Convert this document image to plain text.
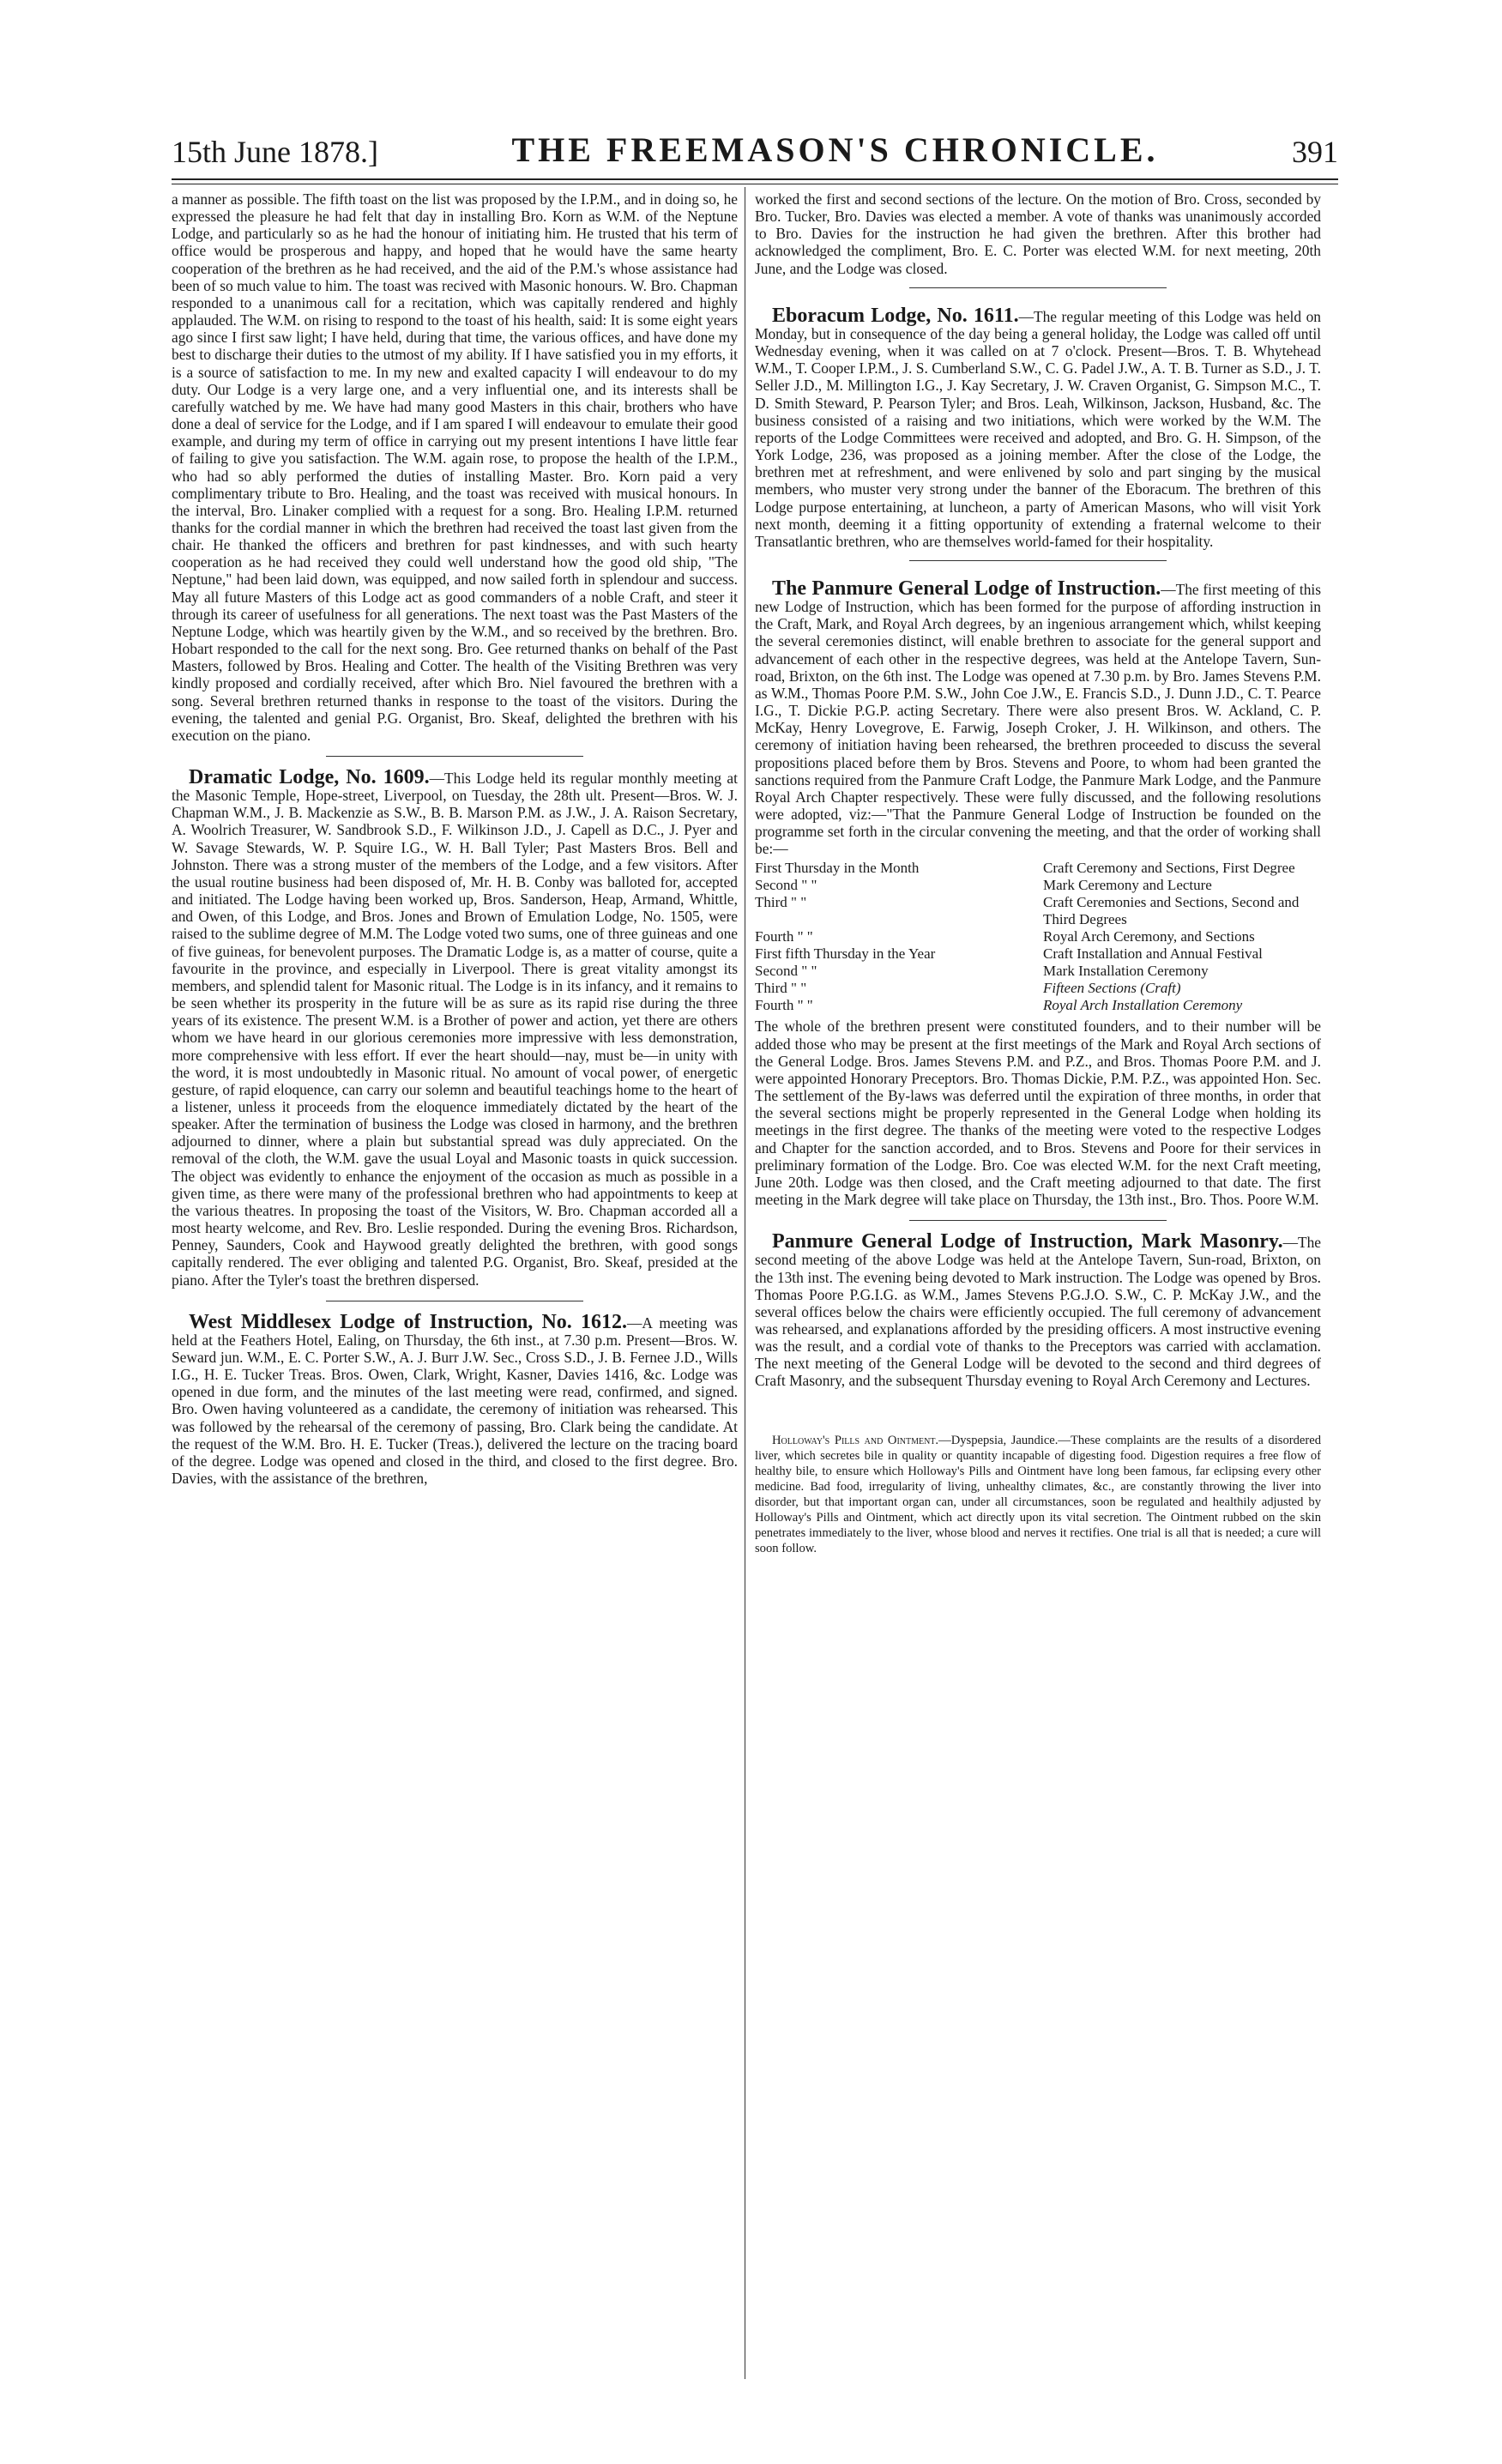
15th June 1878.]	THE FREEMASON'S CHRONICLE.	391

a manner as possible. The fifth toast on the list was proposed by the I.P.M., and in doing so, he expressed the pleasure he had felt that day in installing Bro. Korn as W.M. of the Neptune Lodge, and particularly so as he had the honour of initiating him. He trusted that his term of office would be prosperous and happy, and hoped that he would have the same hearty cooperation of the brethren as he had received, and the aid of the P.M.'s whose assistance had been of so much value to him. The toast was recived with Masonic honours. W. Bro. Chapman responded to a unanimous call for a recitation, which was capitally rendered and highly applauded. The W.M. on rising to respond to the toast of his health, said: It is some eight years ago since I first saw light; I have held, during that time, the various offices, and have done my best to discharge their duties to the utmost of my ability. If I have satisfied you in my efforts, it is a source of satisfaction to me. In my new and exalted capacity I will endeavour to do my duty. Our Lodge is a very large one, and a very influential one, and its interests shall be carefully watched by me. We have had many good Masters in this chair, brothers who have done a deal of service for the Lodge, and if I am spared I will endeavour to emulate their good example, and during my term of office in carrying out my present intentions I have little fear of failing to give you satisfaction. The W.M. again rose, to propose the health of the I.P.M., who had so ably performed the duties of installing Master. Bro. Korn paid a very complimentary tribute to Bro. Healing, and the toast was received with musical honours. In the interval, Bro. Linaker complied with a request for a song. Bro. Healing I.P.M. returned thanks for the cordial manner in which the brethren had received the toast last given from the chair. He thanked the officers and brethren for past kindnesses, and with such hearty cooperation as he had received they could well understand how the good old ship, "The Neptune," had been laid down, was equipped, and now sailed forth in splendour and success. May all future Masters of this Lodge act as good commanders of a noble Craft, and steer it through its career of usefulness for all generations. The next toast was the Past Masters of the Neptune Lodge, which was heartily given by the W.M., and so received by the brethren. Bro. Hobart responded to the call for the next song. Bro. Gee returned thanks on behalf of the Past Masters, followed by Bros. Healing and Cotter. The health of the Visiting Brethren was very kindly proposed and cordially received, after which Bro. Niel favoured the brethren with a song. Several brethren returned thanks in response to the toast of the visitors. During the evening, the talented and genial P.G. Organist, Bro. Skeaf, delighted the brethren with his execution on the piano.

Dramatic Lodge, No. 1609.—This Lodge held its regular monthly meeting at the Masonic Temple, Hope-street, Liverpool, on Tuesday, the 28th ult. Present—Bros. W. J. Chapman W.M., J. B. Mackenzie as S.W., B. B. Marson P.M. as J.W., J. A. Raison Secretary, A. Woolrich Treasurer, W. Sandbrook S.D., F. Wilkinson J.D., J. Capell as D.C., J. Pyer and W. Savage Stewards, W. P. Squire I.G., W. H. Ball Tyler; Past Masters Bros. Bell and Johnston. There was a strong muster of the members of the Lodge, and a few visitors. After the usual routine business had been disposed of, Mr. H. B. Conby was balloted for, accepted and initiated. The Lodge having been worked up, Bros. Sanderson, Heap, Armand, Whittle, and Owen, of this Lodge, and Bros. Jones and Brown of Emulation Lodge, No. 1505, were raised to the sublime degree of M.M. The Lodge voted two sums, one of three guineas and one of five guineas, for benevolent purposes. The Dramatic Lodge is, as a matter of course, quite a favourite in the province, and especially in Liverpool. There is great vitality amongst its members, and splendid talent for Masonic ritual. The Lodge is in its infancy, and it remains to be seen whether its prosperity in the future will be as sure as its rapid rise during the three years of its existence. The present W.M. is a Brother of power and action, yet there are others whom we have heard in our glorious ceremonies more impressive with less demonstration, more comprehensive with less effort. If ever the heart should—nay, must be—in unity with the word, it is most undoubtedly in Masonic ritual. No amount of vocal power, of energetic gesture, of rapid eloquence, can carry our solemn and beautiful teachings home to the heart of a listener, unless it proceeds from the eloquence immediately dictated by the heart of the speaker. After the termination of business the Lodge was closed in harmony, and the brethren adjourned to dinner, where a plain but substantial spread was duly appreciated. On the removal of the cloth, the W.M. gave the usual Loyal and Masonic toasts in quick succession. The object was evidently to enhance the enjoyment of the occasion as much as possible in a given time, as there were many of the professional brethren who had appointments to keep at the various theatres. In proposing the toast of the Visitors, W. Bro. Chapman accorded all a most hearty welcome, and Rev. Bro. Leslie responded. During the evening Bros. Richardson, Penney, Saunders, Cook and Haywood greatly delighted the brethren, with good songs capitally rendered. The ever obliging and talented P.G. Organist, Bro. Skeaf, presided at the piano. After the Tyler's toast the brethren dispersed.

West Middlesex Lodge of Instruction, No. 1612.—A meeting was held at the Feathers Hotel, Ealing, on Thursday, the 6th inst., at 7.30 p.m. Present—Bros. W. Seward jun. W.M., E. C. Porter S.W., A. J. Burr J.W. Sec., Cross S.D., J. B. Fernee J.D., Wills I.G., H. E. Tucker Treas. Bros. Owen, Clark, Wright, Kasner, Davies 1416, &c. Lodge was opened in due form, and the minutes of the last meeting were read, confirmed, and signed. Bro. Owen having volunteered as a candidate, the ceremony of initiation was rehearsed. This was followed by the rehearsal of the ceremony of passing, Bro. Clark being the candidate. At the request of the W.M. Bro. H. E. Tucker (Treas.), delivered the lecture on the tracing board of the degree. Lodge was opened and closed in the third, and closed to the first degree. Bro. Davies, with the assistance of the brethren,

worked the first and second sections of the lecture. On the motion of Bro. Cross, seconded by Bro. Tucker, Bro. Davies was elected a member. A vote of thanks was unanimously accorded to Bro. Davies for the instruction he had given the brethren. After this brother had acknowledged the compliment, Bro. E. C. Porter was elected W.M. for next meeting, 20th June, and the Lodge was closed.

Eboracum Lodge, No. 1611.—The regular meeting of this Lodge was held on Monday, but in consequence of the day being a general holiday, the Lodge was called off until Wednesday evening, when it was called on at 7 o'clock. Present—Bros. T. B. Whytehead W.M., T. Cooper I.P.M., J. S. Cumberland S.W., C. G. Padel J.W., A. T. B. Turner as S.D., J. T. Seller J.D., M. Millington I.G., J. Kay Secretary, J. W. Craven Organist, G. Simpson M.C., T. D. Smith Steward, P. Pearson Tyler; and Bros. Leah, Wilkinson, Jackson, Husband, &c. The business consisted of a raising and two initiations, which were worked by the W.M. The reports of the Lodge Committees were received and adopted, and Bro. G. H. Simpson, of the York Lodge, 236, was proposed as a joining member. After the close of the Lodge, the brethren met at refreshment, and were enlivened by solo and part singing by the musical members, who muster very strong under the banner of the Eboracum. The brethren of this Lodge purpose entertaining, at luncheon, a party of American Masons, who will visit York next month, deeming it a fitting opportunity of extending a fraternal welcome to their Transatlantic brethren, who are themselves world-famed for their hospitality.

The Panmure General Lodge of Instruction.—The first meeting of this new Lodge of Instruction, which has been formed for the purpose of affording instruction in the Craft, Mark, and Royal Arch degrees, by an ingenious arrangement which, whilst keeping the several ceremonies distinct, will enable brethren to associate for the general support and advancement of each other in the respective degrees, was held at the Antelope Tavern, Sun-road, Brixton, on the 6th inst. The Lodge was opened at 7.30 p.m. by Bro. James Stevens P.M. as W.M., Thomas Poore P.M. S.W., John Coe J.W., E. Francis S.D., J. Dunn J.D., C. T. Pearce I.G., T. Dickie P.G.P. acting Secretary. There were also present Bros. W. Ackland, C. P. McKay, Henry Lovegrove, E. Farwig, Joseph Croker, J. H. Wilkinson, and others. The ceremony of initiation having been rehearsed, the brethren proceeded to discuss the several propositions placed before them by Bros. Stevens and Poore, to whom had been granted the sanctions required from the Panmure Craft Lodge, the Panmure Mark Lodge, and the Panmure Royal Arch Chapter respectively. These were fully discussed, and the following resolutions were adopted, viz:—"That the Panmure General Lodge of Instruction be founded on the programme set forth in the circular convening the meeting, and that the order of working shall be:—

First Thursday in the Month	Craft Ceremony and Sections, First Degree
Second " "	Mark Ceremony and Lecture
Third " "	Craft Ceremonies and Sections, Second and Third Degrees
Fourth " "	Royal Arch Ceremony, and Sections
First fifth Thursday in the Year	Craft Installation and Annual Festival
Second " "	Mark Installation Ceremony
Third " "	Fifteen Sections (Craft)
Fourth " "	Royal Arch Installation Ceremony

The whole of the brethren present were constituted founders, and to their number will be added those who may be present at the first meetings of the Mark and Royal Arch sections of the General Lodge. Bros. James Stevens P.M. and P.Z., and Bros. Thomas Poore P.M. and J. were appointed Honorary Preceptors. Bro. Thomas Dickie, P.M. P.Z., was appointed Hon. Sec. The settlement of the By-laws was deferred until the expiration of three months, in order that the several sections might be properly represented in the General Lodge when holding its meetings in the first degree. The thanks of the meeting were voted to the respective Lodges and Chapter for the sanction accorded, and to Bros. Stevens and Poore for their services in preliminary formation of the Lodge. Bro. Coe was elected W.M. for the next Craft meeting, June 20th. Lodge was then closed, and the Craft meeting adjourned to that date. The first meeting in the Mark degree will take place on Thursday, the 13th inst., Bro. Thos. Poore W.M.

Panmure General Lodge of Instruction, Mark Masonry.—The second meeting of the above Lodge was held at the Antelope Tavern, Sun-road, Brixton, on the 13th inst. The evening being devoted to Mark instruction. The Lodge was opened by Bros. Thomas Poore P.G.I.G. as W.M., James Stevens P.G.J.O. S.W., C. P. McKay J.W., and the several offices below the chairs were efficiently occupied. The full ceremony of advancement was rehearsed, and explanations afforded by the presiding officers. A most instructive evening was the result, and a cordial vote of thanks to the Preceptors was carried with acclamation. The next meeting of the General Lodge will be devoted to the second and third degrees of Craft Masonry, and the subsequent Thursday evening to Royal Arch Ceremony and Lectures.

Holloway's Pills and Ointment.—Dyspepsia, Jaundice.—These complaints are the results of a disordered liver, which secretes bile in quality or quantity incapable of digesting food. Digestion requires a free flow of healthy bile, to ensure which Holloway's Pills and Ointment have long been famous, far eclipsing every other medicine. Bad food, irregularity of living, unhealthy climates, &c., are constantly throwing the liver into disorder, but that important organ can, under all circumstances, soon be regulated and healthily adjusted by Holloway's Pills and Ointment, which act directly upon its vital secretion. The Ointment rubbed on the skin penetrates immediately to the liver, whose blood and nerves it rectifies. One trial is all that is needed; a cure will soon follow.
